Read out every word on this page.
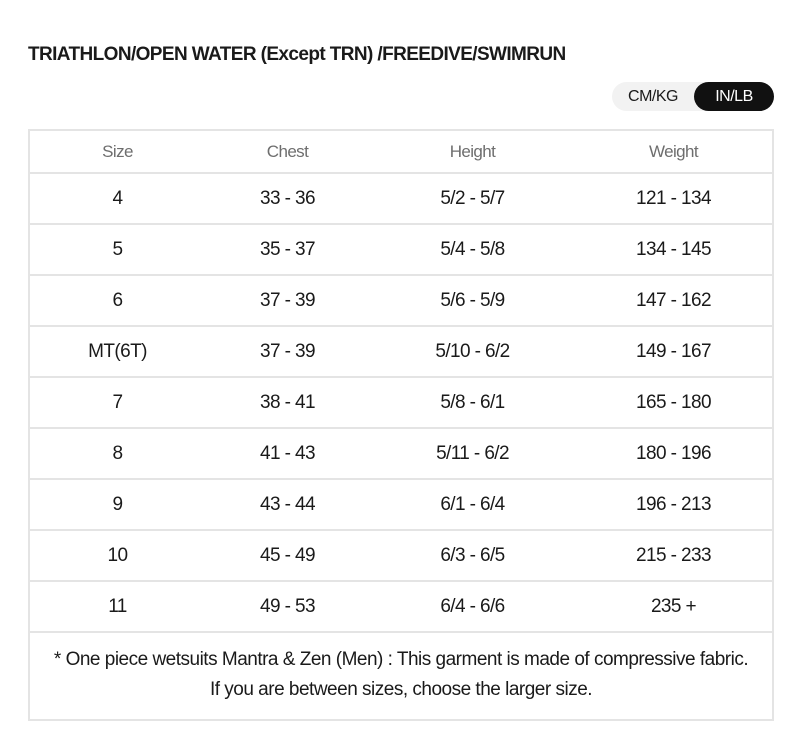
TRIATHLON/OPEN WATER (Except TRN) /FREEDIVE/SWIMRUN
CM/KG	IN/LB
Size	Chest	Height	Weight
4	33 - 36	5/2 - 5/7	121 - 134
5	35 - 37	5/4 - 5/8	134 - 145
6	37 - 39	5/6 - 5/9	147 - 162
MT(6T)	37 - 39	5/10 - 6/2	149 - 167
7	38 - 41	5/8 - 6/1	165 - 180
8	41 - 43	5/11 - 6/2	180 - 196
9	43 - 44	6/1 - 6/4	196 - 213
10	45 - 49	6/3 - 6/5	215 - 233
11	49 - 53	6/4 - 6/6	235 +
* One piece wetsuits Mantra & Zen (Men) : This garment is made of compressive fabric. If you are between sizes, choose the larger size.
